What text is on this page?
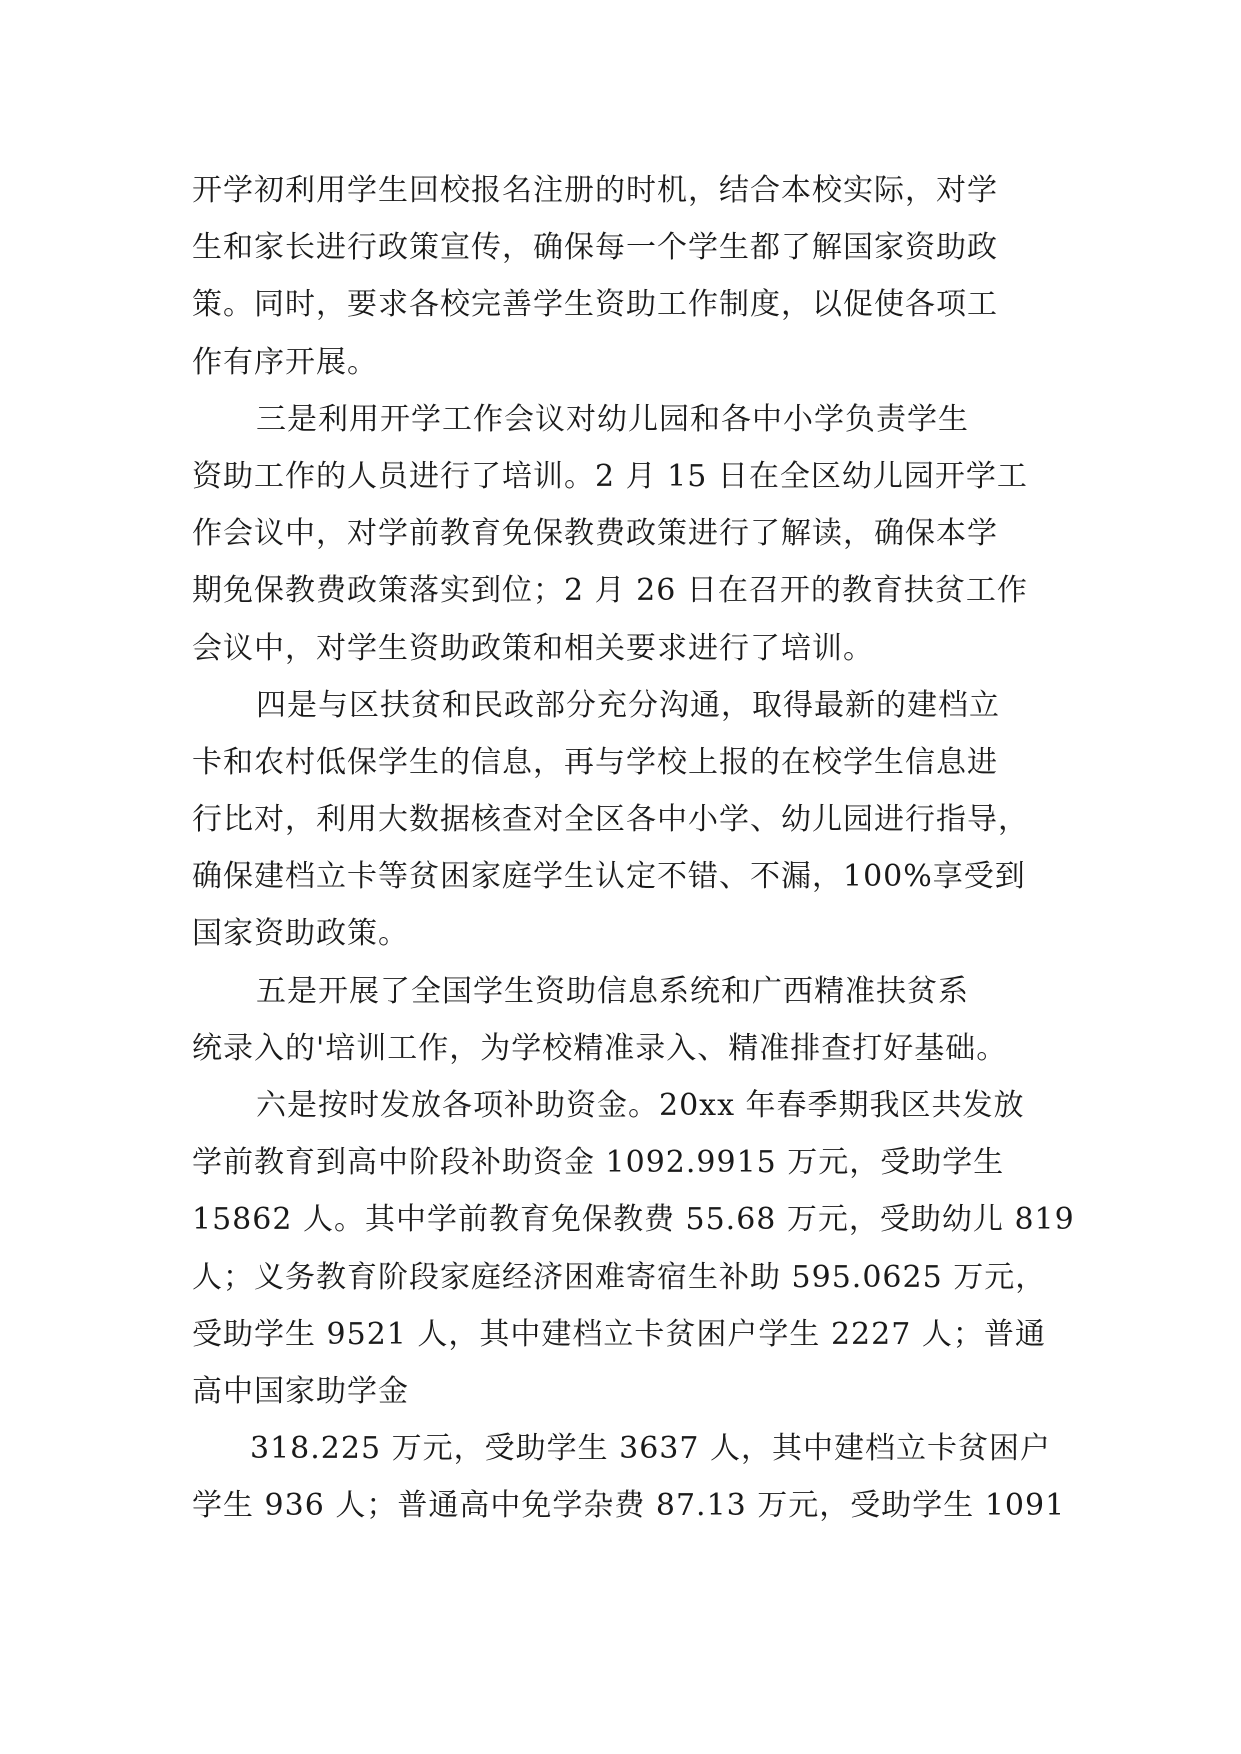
开学初利用学生回校报名注册的时机，结合本校实际，对学
生和家长进行政策宣传，确保每一个学生都了解国家资助政
策。同时，要求各校完善学生资助工作制度，以促使各项工
作有序开展。
三是利用开学工作会议对幼儿园和各中小学负责学生
资助工作的人员进行了培训。2 月 15 日在全区幼儿园开学工
作会议中，对学前教育免保教费政策进行了解读，确保本学
期免保教费政策落实到位；2 月 26 日在召开的教育扶贫工作
会议中，对学生资助政策和相关要求进行了培训。
四是与区扶贫和民政部分充分沟通，取得最新的建档立
卡和农村低保学生的信息，再与学校上报的在校学生信息进
行比对，利用大数据核查对全区各中小学、幼儿园进行指导，
确保建档立卡等贫困家庭学生认定不错、不漏，100%享受到
国家资助政策。
五是开展了全国学生资助信息系统和广西精准扶贫系
统录入的'培训工作，为学校精准录入、精准排查打好基础。
六是按时发放各项补助资金。20xx 年春季期我区共发放
学前教育到高中阶段补助资金 1092.9915 万元，受助学生
15862 人。其中学前教育免保教费 55.68 万元，受助幼儿 819
人；义务教育阶段家庭经济困难寄宿生补助 595.0625 万元，
受助学生 9521 人，其中建档立卡贫困户学生 2227 人；普通
高中国家助学金
318.225 万元，受助学生 3637 人，其中建档立卡贫困户
学生 936 人；普通高中免学杂费 87.13 万元，受助学生 1091
